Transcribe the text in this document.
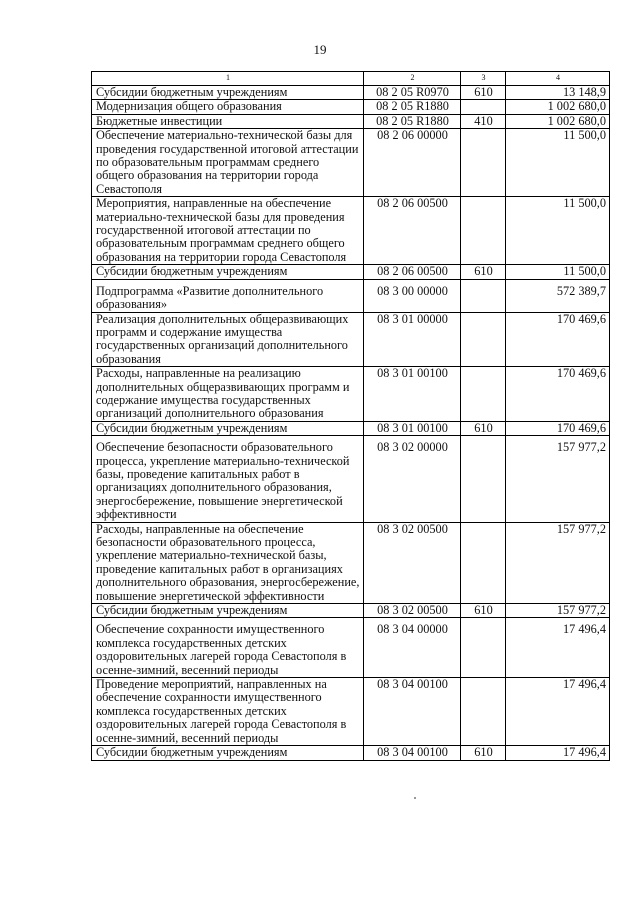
19
1	2	3	4
Субсидии бюджетным учреждениям	08 2 05 R0970	610	13 148,9
Модернизация общего образования	08 2 05 R1880		1 002 680,0
Бюджетные инвестиции	08 2 05 R1880	410	1 002 680,0
Обеспечение материально-технической базы для проведения государственной итоговой аттестации по образовательным программам среднего общего образования на территории города Севастополя	08 2 06 00000		11 500,0
Мероприятия, направленные на обеспечение материально-технической базы для проведения государственной итоговой аттестации по образовательным программам среднего общего образования на территории города Севастополя	08 2 06 00500		11 500,0
Субсидии бюджетным учреждениям	08 2 06 00500	610	11 500,0
Подпрограмма «Развитие дополнительного образования»	08 3 00 00000		572 389,7
Реализация дополнительных общеразвивающих программ и содержание имущества государственных организаций дополнительного образования	08 3 01 00000		170 469,6
Расходы, направленные на реализацию дополнительных общеразвивающих программ и содержание имущества государственных организаций дополнительного образования	08 3 01 00100		170 469,6
Субсидии бюджетным учреждениям	08 3 01 00100	610	170 469,6
Обеспечение безопасности образовательного процесса, укрепление материально-технической базы, проведение капитальных работ в организациях дополнительного образования, энергосбережение, повышение энергетической эффективности	08 3 02 00000		157 977,2
Расходы, направленные на обеспечение безопасности образовательного процесса, укрепление материально-технической базы, проведение капитальных работ в организациях дополнительного образования, энергосбережение, повышение энергетической эффективности	08 3 02 00500		157 977,2
Субсидии бюджетным учреждениям	08 3 02 00500	610	157 977,2
Обеспечение сохранности имущественного комплекса государственных детских оздоровительных лагерей города Севастополя в осенне-зимний, весенний периоды	08 3 04 00000		17 496,4
Проведение мероприятий, направленных на обеспечение сохранности имущественного комплекса государственных детских оздоровительных лагерей города Севастополя в осенне-зимний, весенний периоды	08 3 04 00100		17 496,4
Субсидии бюджетным учреждениям	08 3 04 00100	610	17 496,4
